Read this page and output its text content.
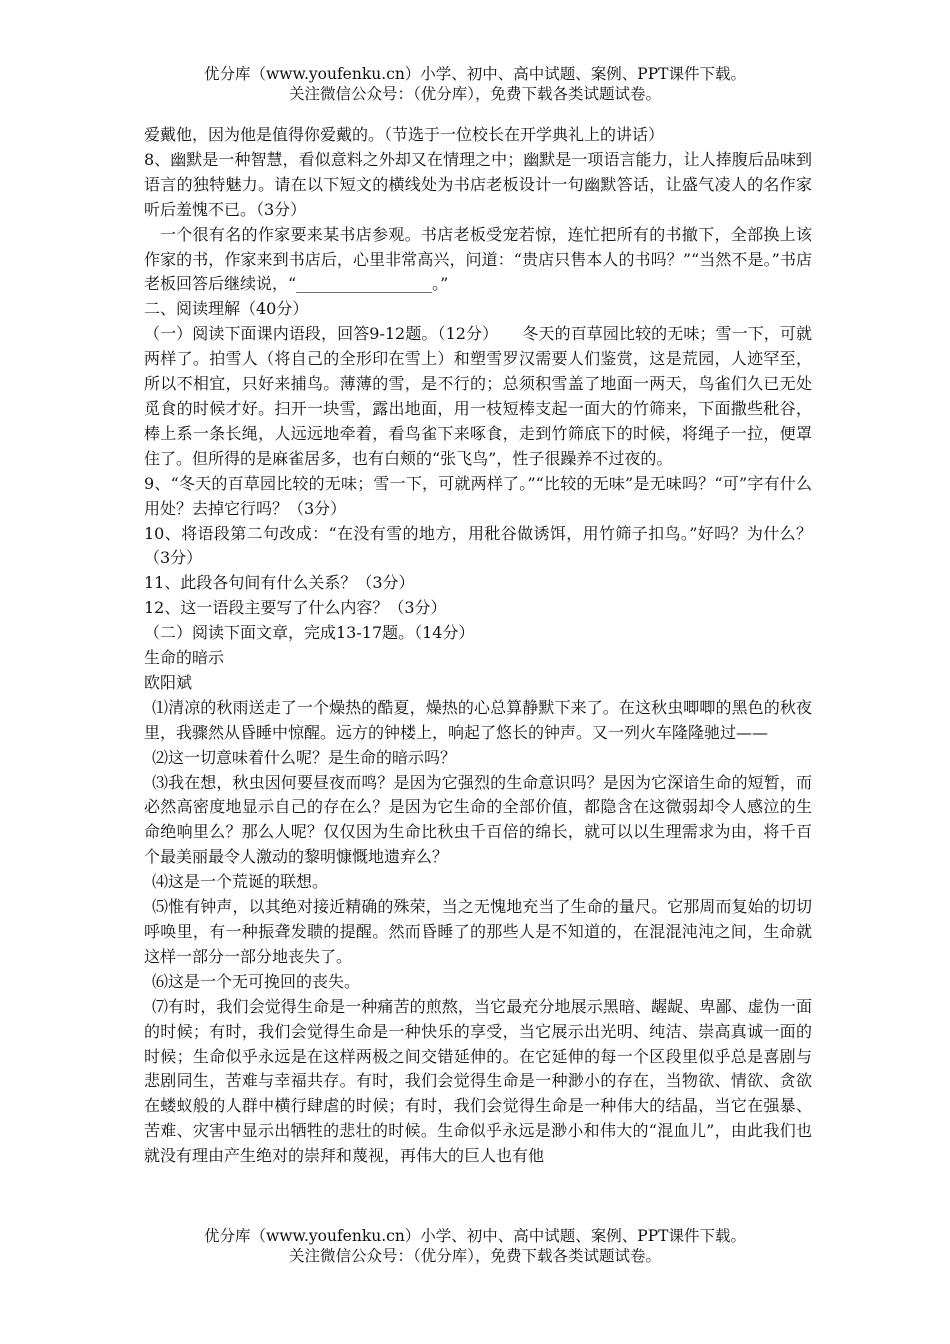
优分库（www.youfenku.cn）小学、初中、高中试题、案例、PPT课件下载。
关注微信公众号：（优分库），免费下载各类试题试卷。

爱戴他，因为他是值得你爱戴的。（节选于一位校长在开学典礼上的讲话）

8、幽默是一种智慧，看似意料之外却又在情理之中；幽默是一项语言能力，让人捧腹后品味到语言的独特魅力。请在以下短文的横线处为书店老板设计一句幽默答话，让盛气凌人的名作家听后羞愧不已。（3分）

一个很有名的作家要来某书店参观。书店老板受宠若惊，连忙把所有的书撤下，全部换上该作家的书，作家来到书店后，心里非常高兴，问道：“贵店只售本人的书吗？”“当然不是。”书店老板回答后继续说，“_________________。”

二、阅读理解（40分）

（一）阅读下面课内语段，回答9-12题。（12分）　　冬天的百草园比较的无味；雪一下，可就两样了。拍雪人（将自己的全形印在雪上）和塑雪罗汉需要人们鉴赏，这是荒园，人迹罕至，所以不相宜，只好来捕鸟。薄薄的雪，是不行的；总须积雪盖了地面一两天，鸟雀们久已无处觅食的时候才好。扫开一块雪，露出地面，用一枝短棒支起一面大的竹筛来，下面撒些秕谷，棒上系一条长绳，人远远地牵着，看鸟雀下来啄食，走到竹筛底下的时候，将绳子一拉，便罩住了。但所得的是麻雀居多，也有白颊的“张飞鸟”，性子很躁养不过夜的。

9、“冬天的百草园比较的无味；雪一下，可就两样了。”“比较的无味”是无味吗？“可”字有什么用处？去掉它行吗？（3分）

10、将语段第二句改成：“在没有雪的地方，用秕谷做诱饵，用竹筛子扣鸟。”好吗？为什么？（3分）

11、此段各句间有什么关系？（3分）

12、这一语段主要写了什么内容？（3分）

（二）阅读下面文章，完成13-17题。（14分）

生命的暗示

欧阳斌

⑴清凉的秋雨送走了一个燥热的酷夏，燥热的心总算静默下来了。在这秋虫唧唧的黑色的秋夜里，我骤然从昏睡中惊醒。远方的钟楼上，响起了悠长的钟声。又一列火车隆隆驰过——

⑵这一切意味着什么呢？是生命的暗示吗？

⑶我在想，秋虫因何要昼夜而鸣？是因为它强烈的生命意识吗？是因为它深谙生命的短暂，而必然高密度地显示自己的存在么？是因为它生命的全部价值，都隐含在这微弱却令人感泣的生命绝响里么？那么人呢？仅仅因为生命比秋虫千百倍的绵长，就可以以生理需求为由，将千百个最美丽最令人激动的黎明慷慨地遗弃么？

⑷这是一个荒诞的联想。

⑸惟有钟声，以其绝对接近精确的殊荣，当之无愧地充当了生命的量尺。它那周而复始的切切呼唤里，有一种振聋发聩的提醒。然而昏睡了的那些人是不知道的，在混混沌沌之间，生命就这样一部分一部分地丧失了。

⑹这是一个无可挽回的丧失。

⑺有时，我们会觉得生命是一种痛苦的煎熬，当它最充分地展示黑暗、龌龊、卑鄙、虚伪一面的时候；有时，我们会觉得生命是一种快乐的享受，当它展示出光明、纯洁、崇高真诚一面的时候；生命似乎永远是在这样两极之间交错延伸的。在它延伸的每一个区段里似乎总是喜剧与悲剧同生，苦难与幸福共存。有时，我们会觉得生命是一种渺小的存在，当物欲、情欲、贪欲在蝼蚁般的人群中横行肆虐的时候；有时，我们会觉得生命是一种伟大的结晶，当它在强暴、苦难、灾害中显示出牺牲的悲壮的时候。生命似乎永远是渺小和伟大的“混血儿”，由此我们也就没有理由产生绝对的崇拜和蔑视，再伟大的巨人也有他

优分库（www.youfenku.cn）小学、初中、高中试题、案例、PPT课件下载。
关注微信公众号：（优分库），免费下载各类试题试卷。
